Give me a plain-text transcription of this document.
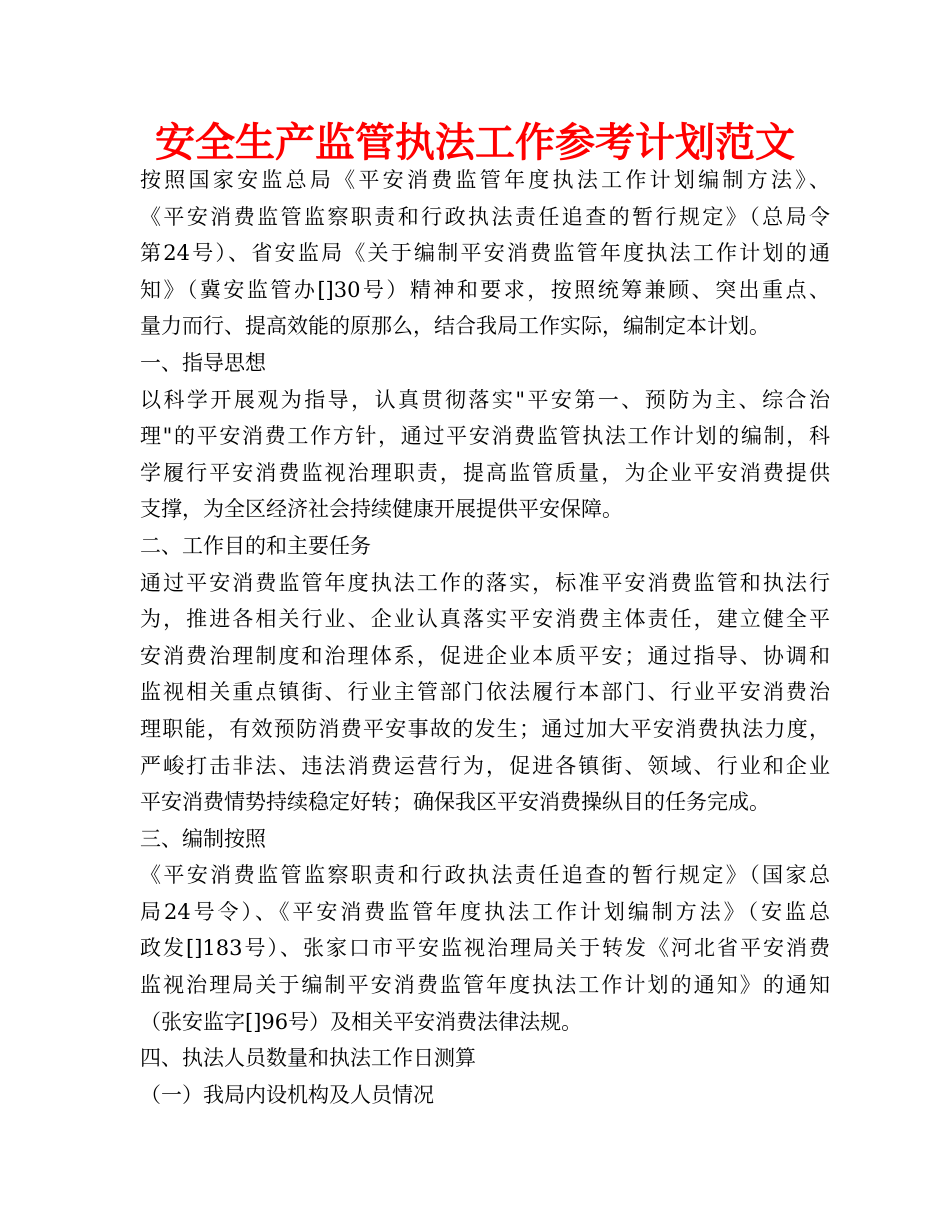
安全生产监管执法工作参考计划范文
按照国家安监总局《平安消费监管年度执法工作计划编制方法》、
《平安消费监管监察职责和行政执法责任追查的暂行规定》（总局令
第24号）、省安监局《关于编制平安消费监管年度执法工作计划的通
知》（冀安监管办[]30号）精神和要求，按照统筹兼顾、突出重点、
量力而行、提高效能的原那么，结合我局工作实际，编制定本计划。
一、指导思想
以科学开展观为指导，认真贯彻落实"平安第一、预防为主、综合治
理"的平安消费工作方针，通过平安消费监管执法工作计划的编制，科
学履行平安消费监视治理职责，提高监管质量，为企业平安消费提供
支撑，为全区经济社会持续健康开展提供平安保障。
二、工作目的和主要任务
通过平安消费监管年度执法工作的落实，标准平安消费监管和执法行
为，推进各相关行业、企业认真落实平安消费主体责任，建立健全平
安消费治理制度和治理体系，促进企业本质平安；通过指导、协调和
监视相关重点镇街、行业主管部门依法履行本部门、行业平安消费治
理职能，有效预防消费平安事故的发生；通过加大平安消费执法力度，
严峻打击非法、违法消费运营行为，促进各镇街、领域、行业和企业
平安消费情势持续稳定好转；确保我区平安消费操纵目的任务完成。
三、编制按照
《平安消费监管监察职责和行政执法责任追查的暂行规定》（国家总
局24号令）、《平安消费监管年度执法工作计划编制方法》（安监总
政发[]183号）、张家口市平安监视治理局关于转发《河北省平安消费
监视治理局关于编制平安消费监管年度执法工作计划的通知》的通知
（张安监字[]96号）及相关平安消费法律法规。
四、执法人员数量和执法工作日测算
（一）我局内设机构及人员情况
